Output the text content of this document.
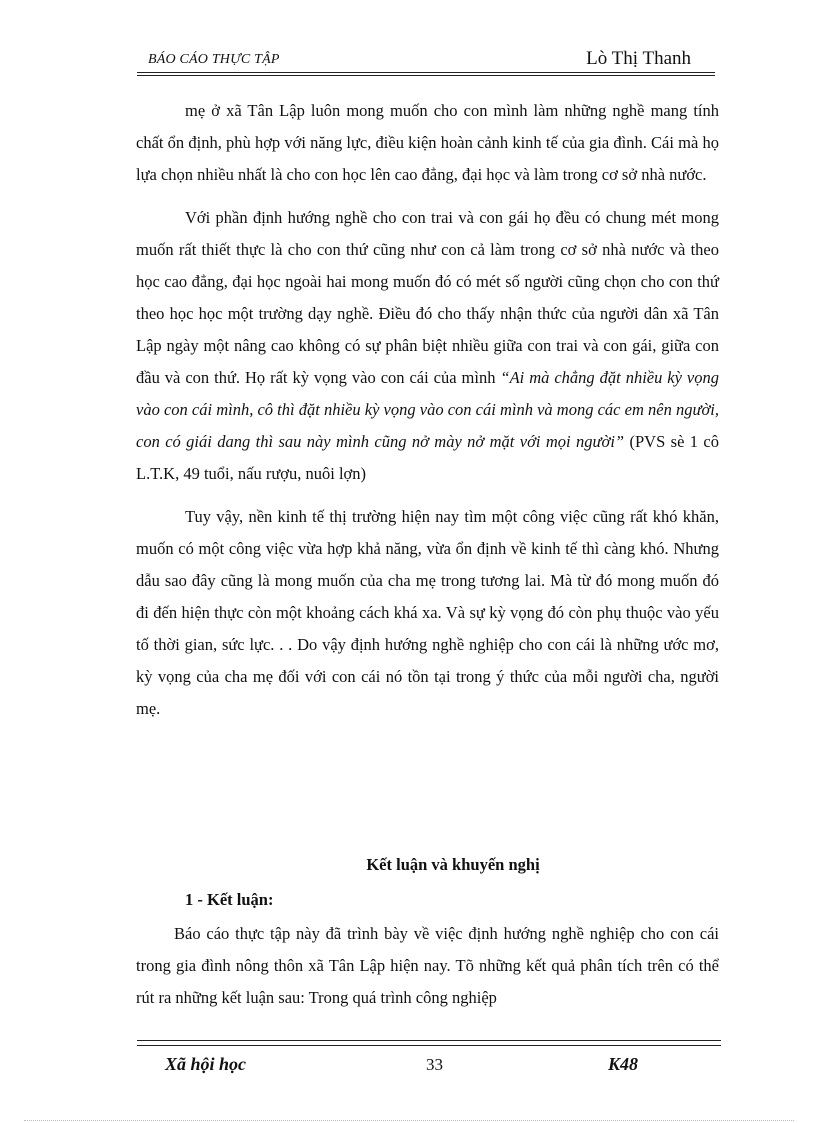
BÁO CÁO THỰC TẬP	Lò Thị Thanh

mẹ ở xã Tân Lập luôn mong muốn cho con mình làm những nghề mang tính chất ổn định, phù hợp với năng lực, điều kiện hoàn cảnh kinh tế của gia đình. Cái mà họ lựa chọn nhiều nhất là cho con học lên cao đẳng, đại học và làm trong cơ sở nhà nước.

Với phần định hướng nghề cho con trai và con gái họ đều có chung mét mong muốn rất thiết thực là cho con thứ cũng như con cả làm trong cơ sở nhà nước và theo học cao đẳng, đại học ngoài hai mong muốn đó có mét số người cũng chọn cho con thứ theo học học một trường dạy nghề. Điều đó cho thấy nhận thức của người dân xã Tân Lập ngày một nâng cao không có sự phân biệt nhiều giữa con trai và con gái, giữa con đầu và con thứ. Họ rất kỳ vọng vào con cái của mình “Ai mà chẳng đặt nhiều kỳ vọng vào con cái mình, cô thì đặt nhiều kỳ vọng vào con cái mình và mong các em nên người, con có giái dang thì sau này mình cũng nở mày nở mặt với mọi người” (PVS sè 1 cô L.T.K, 49 tuổi, nấu rượu, nuôi lợn)

Tuy vậy, nền kinh tế thị trường hiện nay tìm một công việc cũng rất khó khăn, muốn có một công việc vừa hợp khả năng, vừa ổn định về kinh tế thì càng khó. Nhưng dẫu sao đây cũng là mong muốn của cha mẹ trong tương lai. Mà từ đó mong muốn đó đi đến hiện thực còn một khoảng cách khá xa. Và sự kỳ vọng đó còn phụ thuộc vào yếu tố thời gian, sức lực. . . Do vậy định hướng nghề nghiệp cho con cái là những ước mơ, kỳ vọng của cha mẹ đối với con cái nó tồn tại trong ý thức của mỗi người cha, người mẹ.

Kết luận và khuyến nghị
1 - Kết luận:

Báo cáo thực tập này đã trình bày về việc định hướng nghề nghiệp cho con cái trong gia đình nông thôn xã Tân Lập hiện nay. Tõ những kết quả phân tích trên có thể rút ra những kết luận sau: Trong quá trình công nghiệp

Xã hội học	33	K48
